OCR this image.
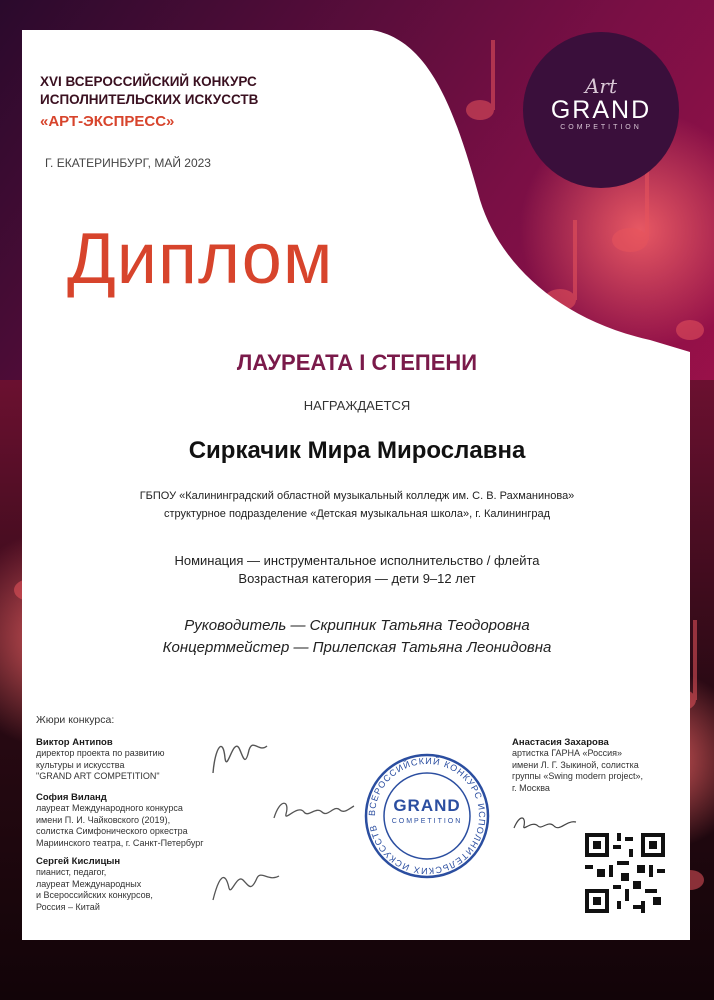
XVI ВСЕРОССИЙСКИЙ КОНКУРС
ИСПОЛНИТЕЛЬСКИХ ИСКУССТВ
«АРТ-ЭКСПРЕСС»
Г. ЕКАТЕРИНБУРГ, МАЙ 2023
Art
GRAND
COMPETITION
Диплом
ЛАУРЕАТА I СТЕПЕНИ
НАГРАЖДАЕТСЯ
Сиркачик Мира Мирославна
ГБПОУ «Калининградский областной музыкальный колледж им. С. В. Рахманинова»
структурное подразделение «Детская музыкальная школа», г. Калининград
Номинация — инструментальное исполнительство / флейта
Возрастная категория — дети 9–12 лет
Руководитель — Скрипник Татьяна Теодоровна
Концертмейстер — Прилепская Татьяна Леонидовна
Жюри конкурса:
Виктор Антипов
директор проекта по развитию
культуры и искусства
"GRAND ART COMPETITION"
София Виланд
лауреат Международного конкурса
имени П. И. Чайковского (2019),
солистка Симфонического оркестра
Мариинского театра, г. Санкт-Петербург
Сергей Кислицын
пианист, педагог,
лауреат Международных
и Всероссийских конкурсов,
Россия – Китай
Анастасия Захарова
артистка ГАРНА «Россия»
имени Л. Г. Зыкиной, солистка
группы «Swing modern project»,
г. Москва
ВСЕРОССИЙСКИЙ КОНКУРС ИСПОЛНИТЕЛЬСКИХ ИСКУССТВ
GRAND
COMPETITION
